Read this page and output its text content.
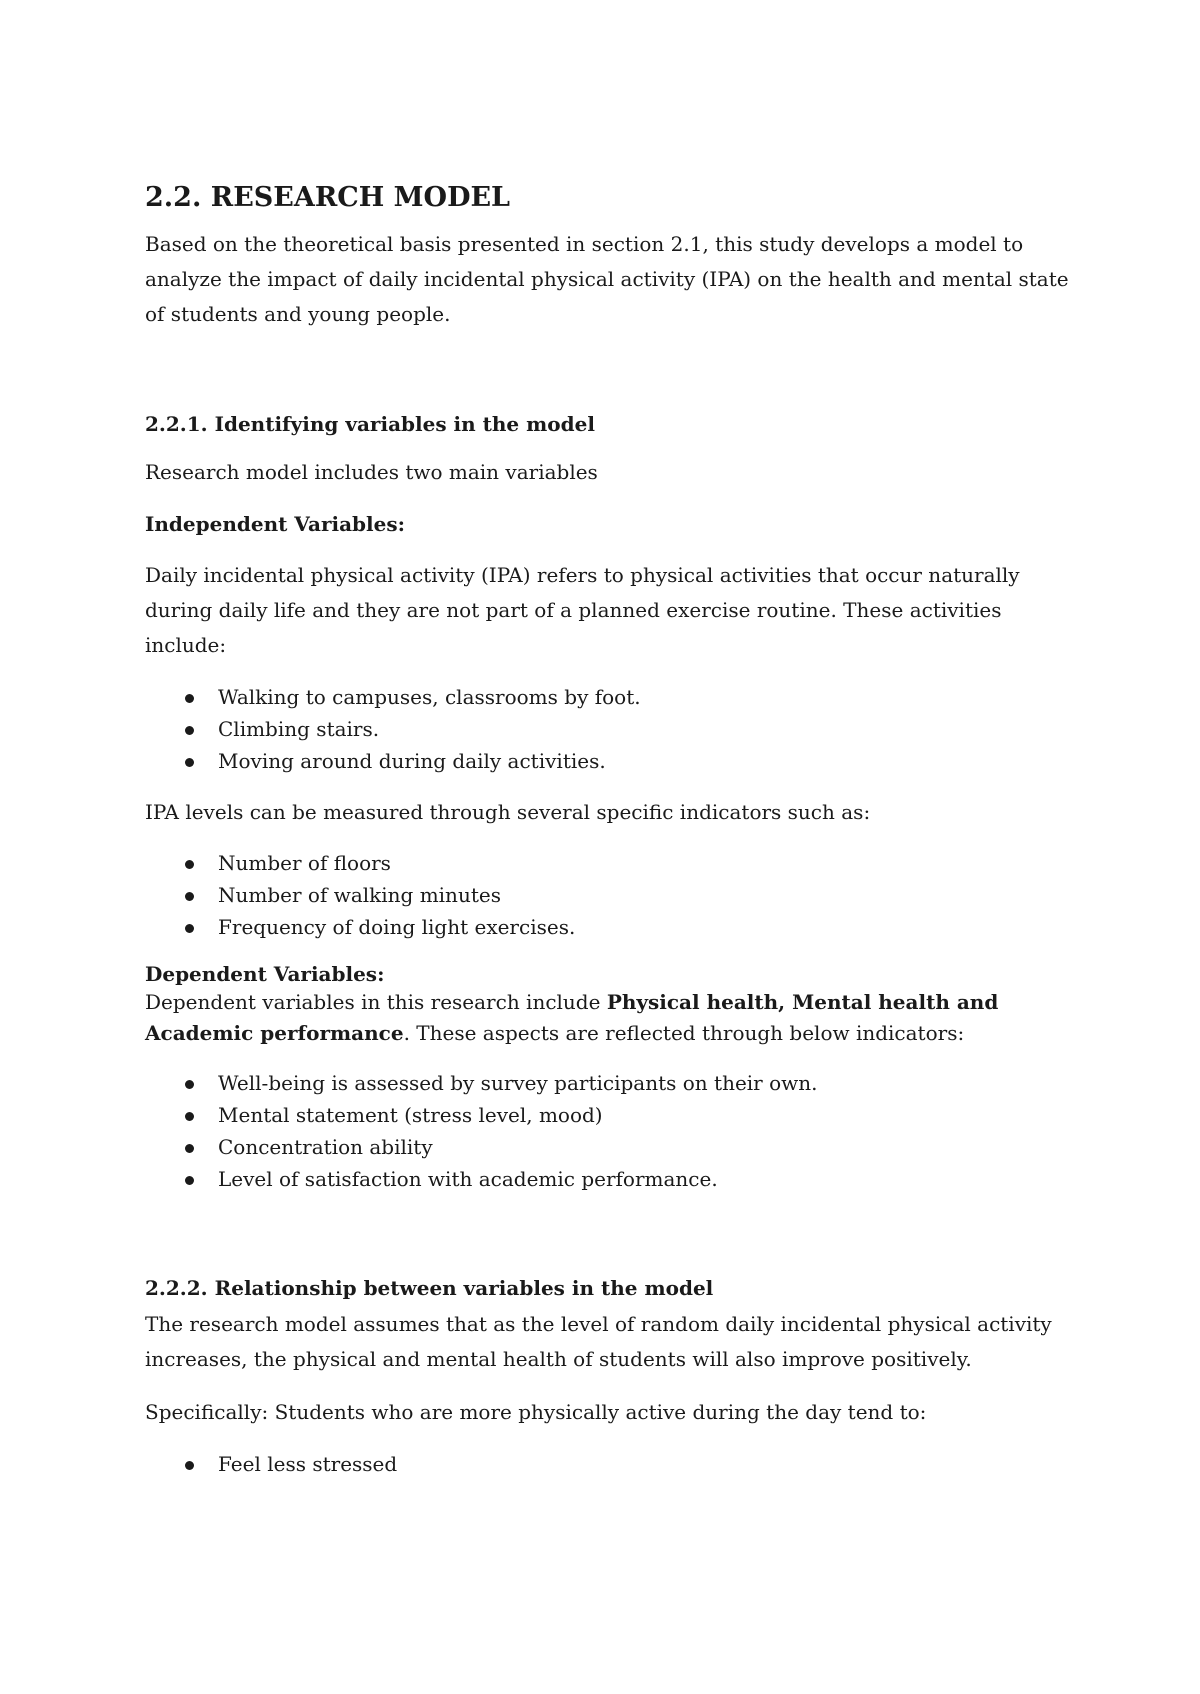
2.2. RESEARCH MODEL

Based on the theoretical basis presented in section 2.1, this study develops a model to analyze the impact of daily incidental physical activity (IPA) on the health and mental state of students and young people.

2.2.1. Identifying variables in the model

Research model includes two main variables

Independent Variables:

Daily incidental physical activity (IPA) refers to physical activities that occur naturally during daily life and they are not part of a planned exercise routine. These activities include:

Walking to campuses, classrooms by foot.
Climbing stairs.
Moving around during daily activities.

IPA levels can be measured through several specific indicators such as:

Number of floors
Number of walking minutes
Frequency of doing light exercises.

Dependent Variables:

Dependent variables in this research include Physical health, Mental health and Academic performance. These aspects are reflected through below indicators:

Well-being is assessed by survey participants on their own.
Mental statement (stress level, mood)
Concentration ability
Level of satisfaction with academic performance.
2.2.2. Relationship between variables in the model

The research model assumes that as the level of random daily incidental physical activity increases, the physical and mental health of students will also improve positively.

Specifically: Students who are more physically active during the day tend to:

Feel less stressed
